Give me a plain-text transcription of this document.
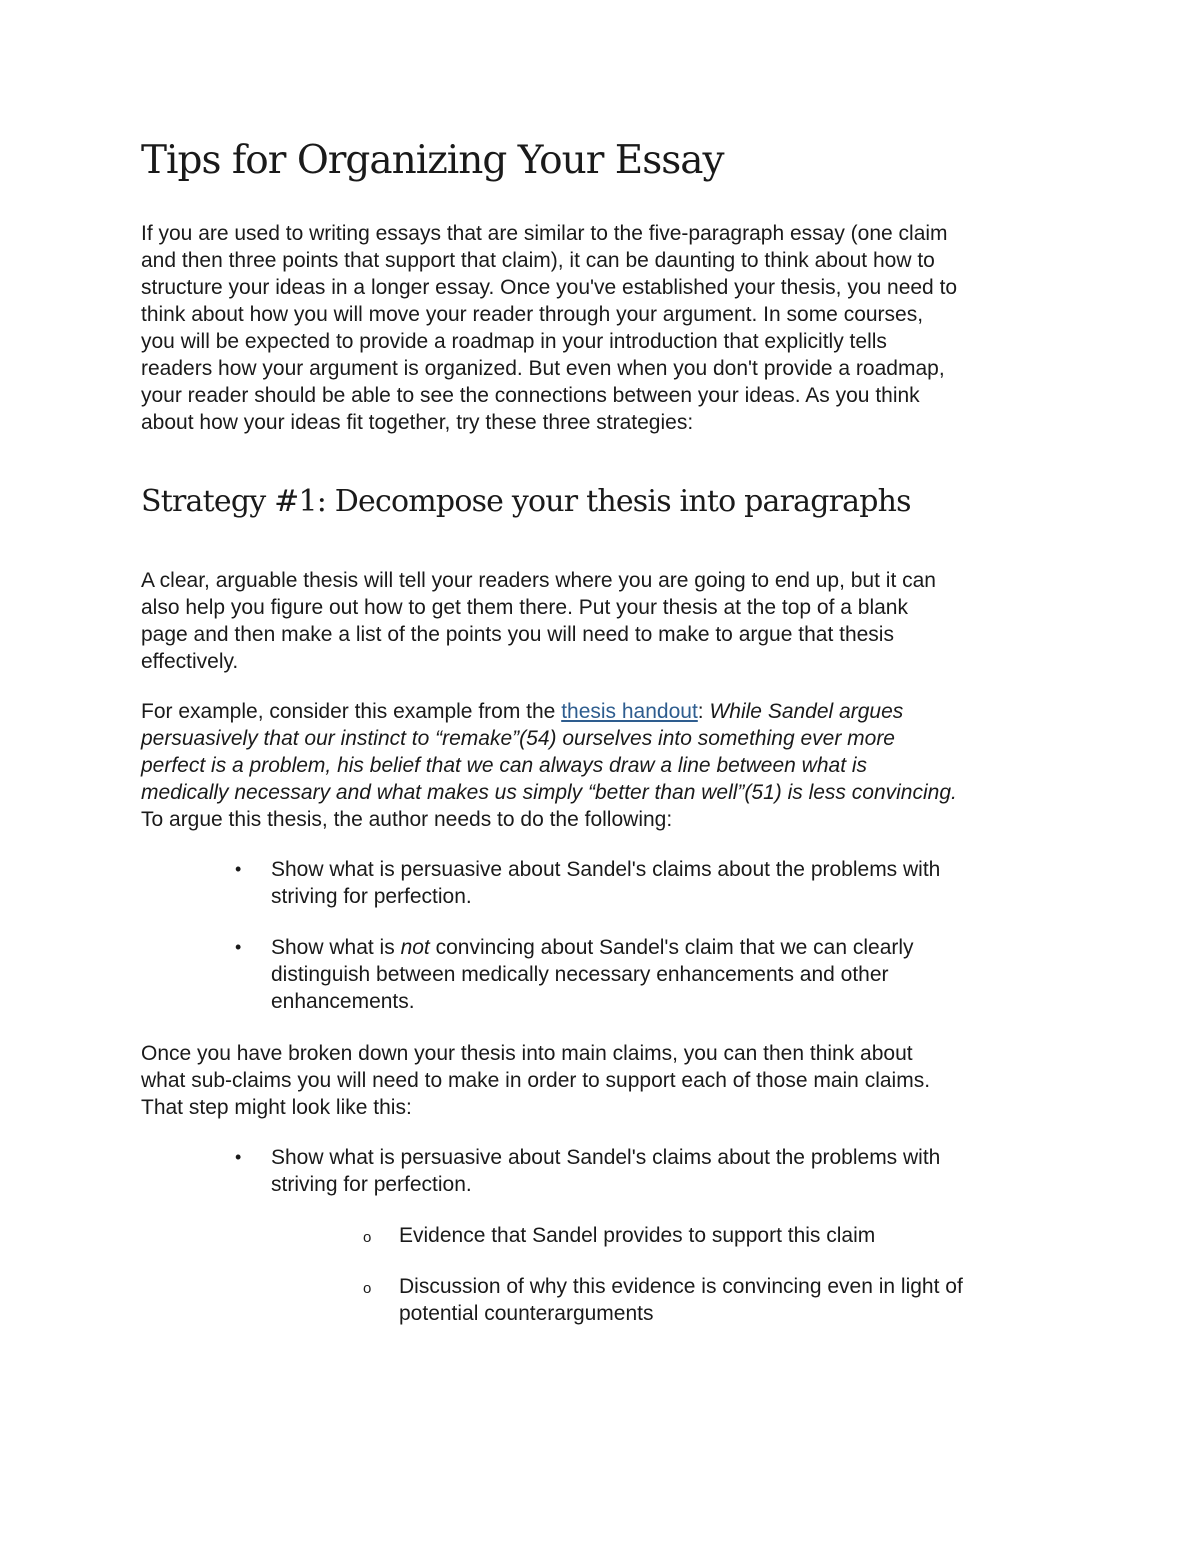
Tips for Organizing Your Essay
If you are used to writing essays that are similar to the five-paragraph essay (one claim
and then three points that support that claim), it can be daunting to think about how to
structure your ideas in a longer essay. Once you've established your thesis, you need to
think about how you will move your reader through your argument. In some courses,
you will be expected to provide a roadmap in your introduction that explicitly tells
readers how your argument is organized. But even when you don't provide a roadmap,
your reader should be able to see the connections between your ideas. As you think
about how your ideas fit together, try these three strategies:
Strategy #1: Decompose your thesis into paragraphs
A clear, arguable thesis will tell your readers where you are going to end up, but it can
also help you figure out how to get them there. Put your thesis at the top of a blank
page and then make a list of the points you will need to make to argue that thesis
effectively.
For example, consider this example from the thesis handout: While Sandel argues
persuasively that our instinct to “remake”(54) ourselves into something ever more
perfect is a problem, his belief that we can always draw a line between what is
medically necessary and what makes us simply “better than well”(51) is less convincing.
To argue this thesis, the author needs to do the following:
• Show what is persuasive about Sandel's claims about the problems with
striving for perfection.
• Show what is not convincing about Sandel's claim that we can clearly
distinguish between medically necessary enhancements and other
enhancements.
Once you have broken down your thesis into main claims, you can then think about
what sub-claims you will need to make in order to support each of those main claims.
That step might look like this:
• Show what is persuasive about Sandel's claims about the problems with
striving for perfection.
o Evidence that Sandel provides to support this claim
o Discussion of why this evidence is convincing even in light of
potential counterarguments
